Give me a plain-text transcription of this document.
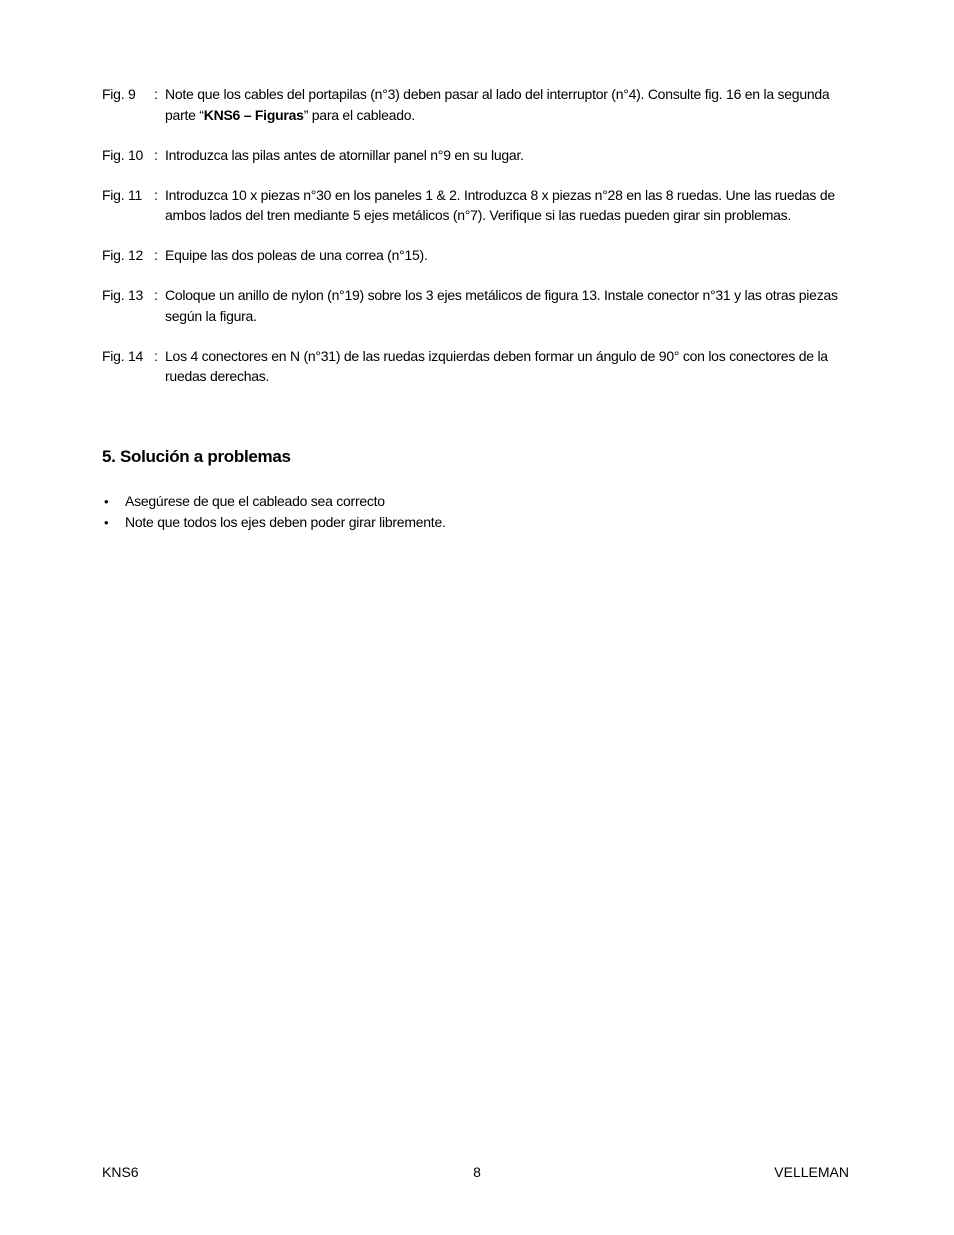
Fig. 9	: Note que los cables del portapilas (n°3) deben pasar al lado del interruptor (n°4). Consulte fig. 16 en la segunda parte “KNS6 – Figuras” para el cableado.
Fig. 10 : Introduzca las pilas antes de atornillar panel n°9 en su lugar.
Fig. 11 : Introduzca 10 x piezas n°30 en los paneles 1 & 2. Introduzca 8 x piezas n°28 en las 8 ruedas. Une las ruedas de ambos lados del tren mediante 5 ejes metálicos (n°7). Verifique si las ruedas pueden girar sin problemas.
Fig. 12 : Equipe las dos poleas de una correa (n°15).
Fig. 13 : Coloque un anillo de nylon (n°19) sobre los 3 ejes metálicos de figura 13. Instale conector n°31 y las otras piezas según la figura.
Fig. 14 : Los 4 conectores en N (n°31) de las ruedas izquierdas deben formar un ángulo de 90° con los conectores de la ruedas derechas.
5. Solución a problemas
•	Asegúrese de que el cableado sea correcto
•	Note que todos los ejes deben poder girar libremente.
KNS6	8	VELLEMAN
